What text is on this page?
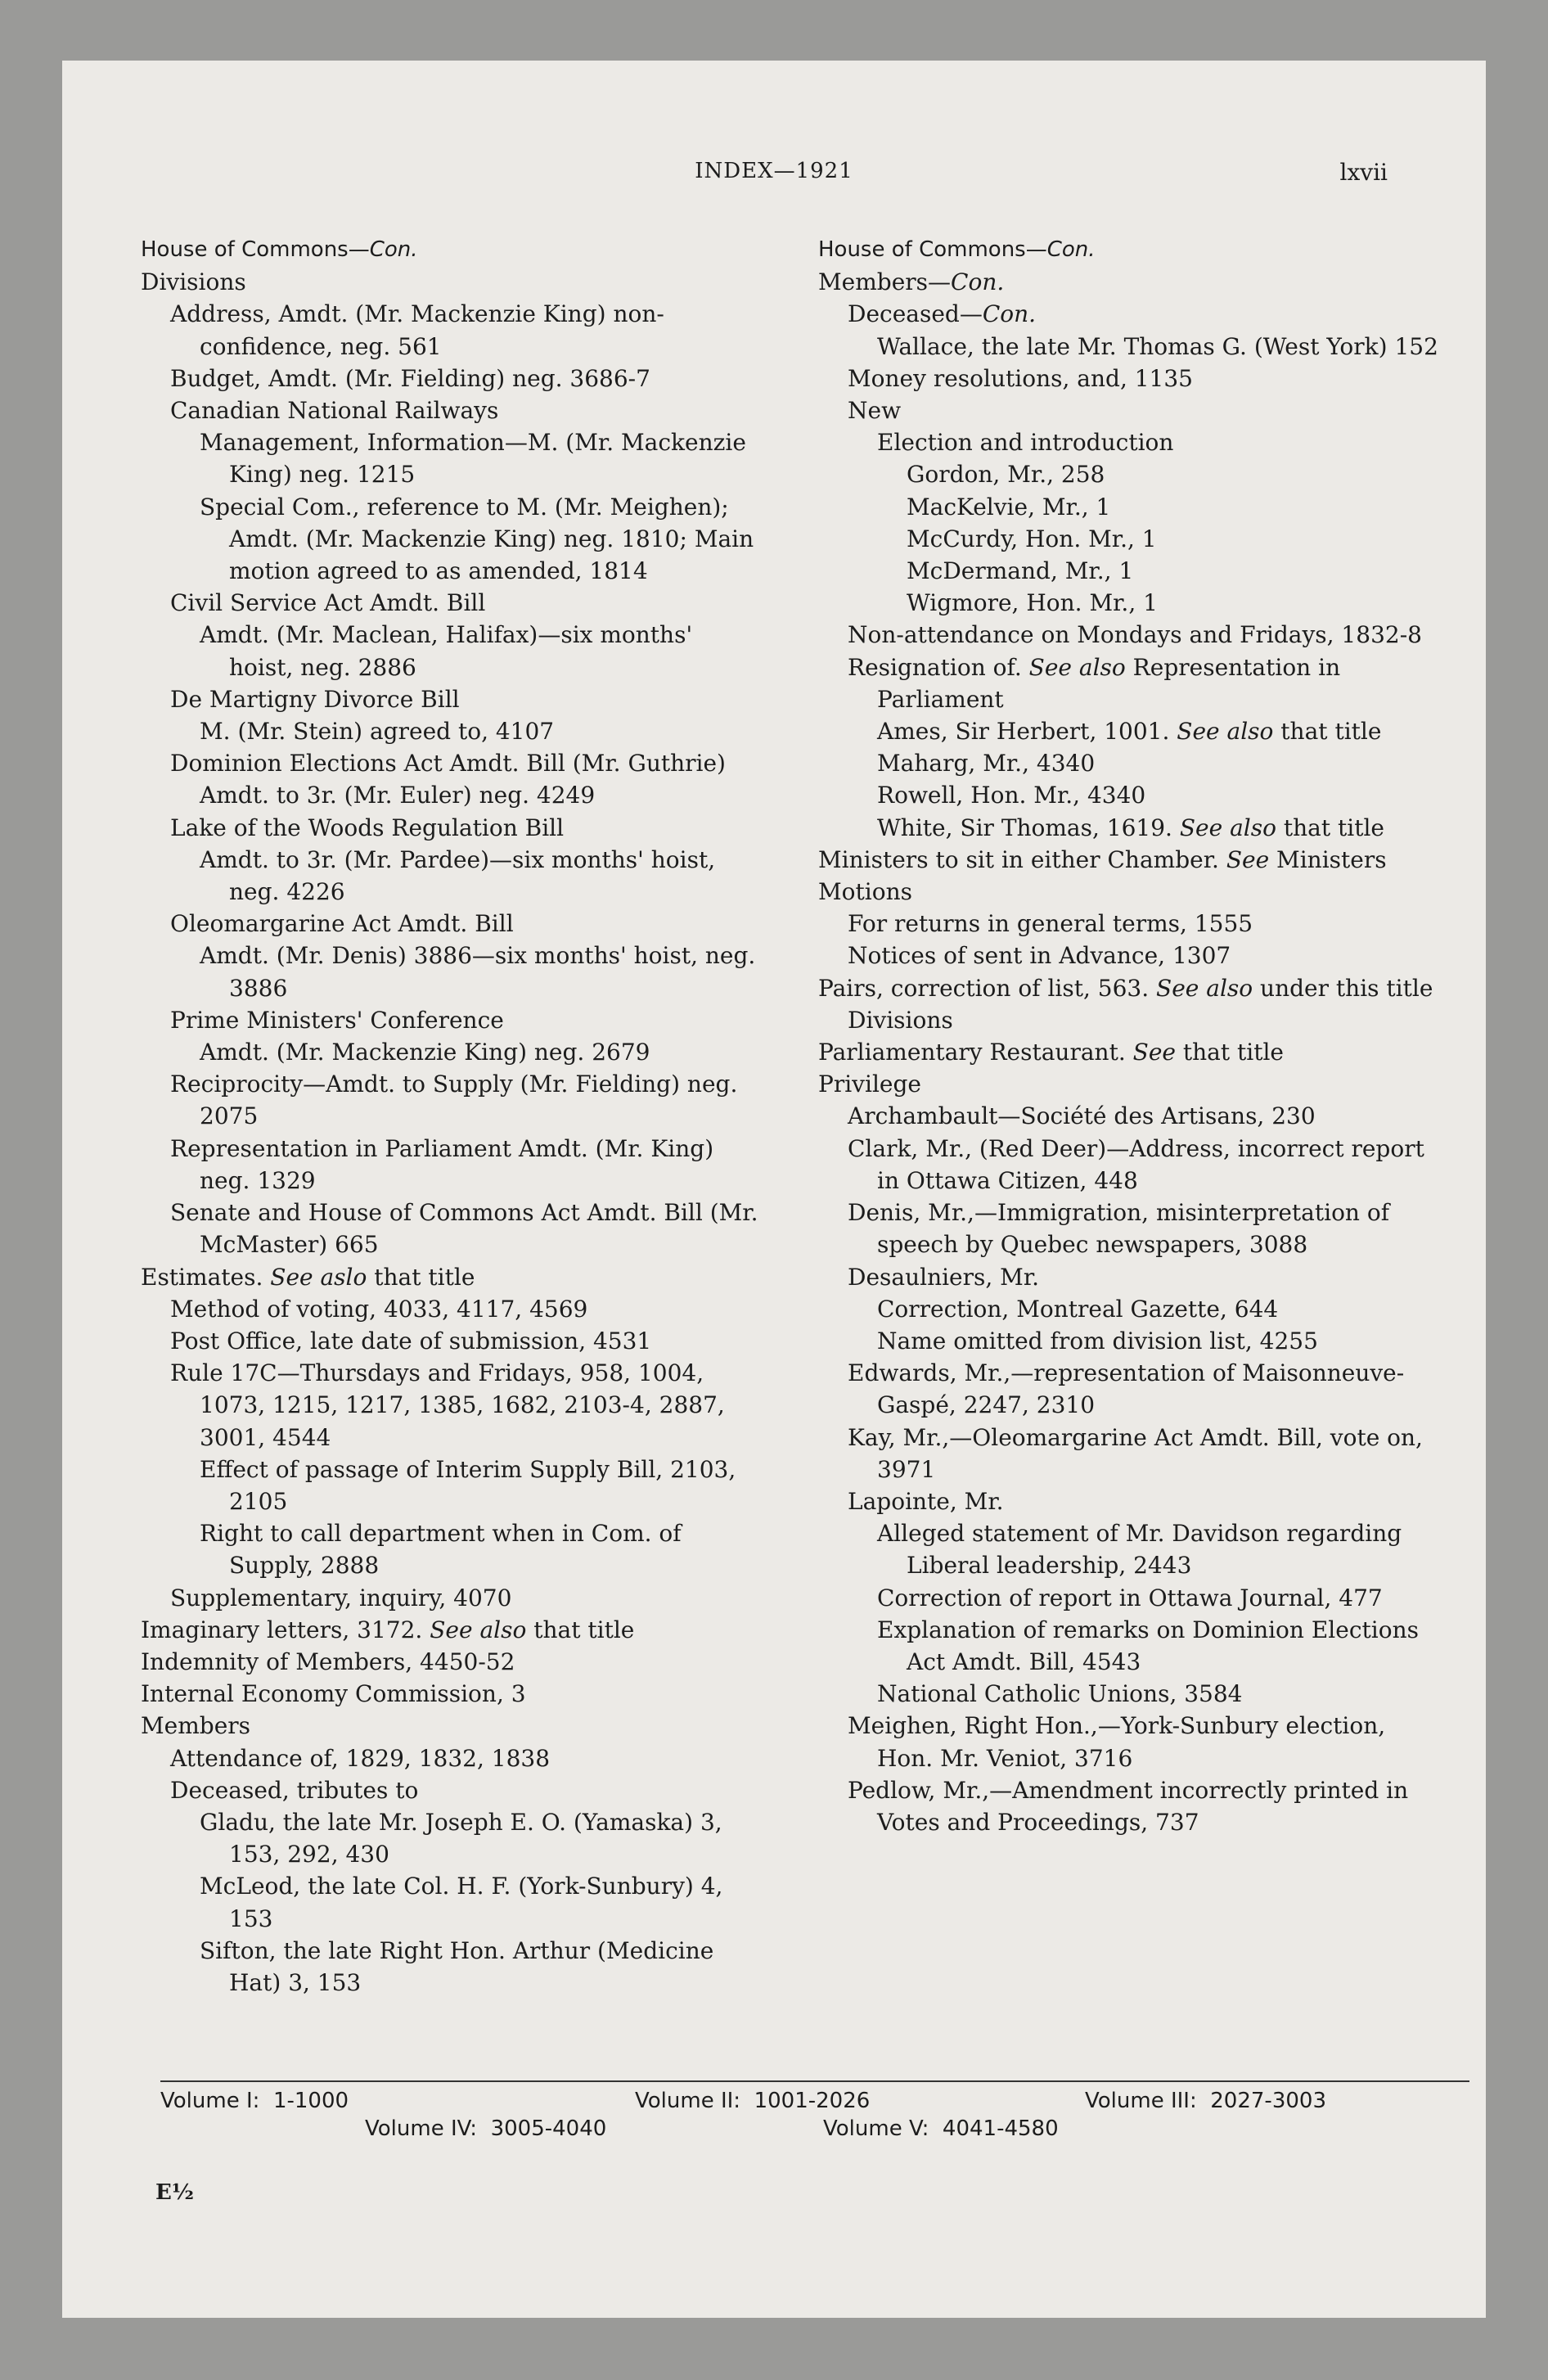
INDEX—1921	lxvii
House of Commons—Con.
Divisions
Address, Amdt. (Mr. Mackenzie King) non-confidence, neg. 561
Budget, Amdt. (Mr. Fielding) neg. 3686-7
Canadian National Railways
Management, Information—M. (Mr. Mackenzie King) neg. 1215
Special Com., reference to M. (Mr. Meighen); Amdt. (Mr. Mackenzie King) neg. 1810; Main motion agreed to as amended, 1814
Civil Service Act Amdt. Bill
Amdt. (Mr. Maclean, Halifax)—six months' hoist, neg. 2886
De Martigny Divorce Bill
M. (Mr. Stein) agreed to, 4107
Dominion Elections Act Amdt. Bill (Mr. Guthrie)
Amdt. to 3r. (Mr. Euler) neg. 4249
Lake of the Woods Regulation Bill
Amdt. to 3r. (Mr. Pardee)—six months' hoist, neg. 4226
Oleomargarine Act Amdt. Bill
Amdt. (Mr. Denis) 3886—six months' hoist, neg. 3886
Prime Ministers' Conference
Amdt. (Mr. Mackenzie King) neg. 2679
Reciprocity—Amdt. to Supply (Mr. Fielding) neg. 2075
Representation in Parliament Amdt. (Mr. King) neg. 1329
Senate and House of Commons Act Amdt. Bill (Mr. McMaster) 665
Estimates. See aslo that title
Method of voting, 4033, 4117, 4569
Post Office, late date of submission, 4531
Rule 17C—Thursdays and Fridays, 958, 1004, 1073, 1215, 1217, 1385, 1682, 2103-4, 2887, 3001, 4544
Effect of passage of Interim Supply Bill, 2103, 2105
Right to call department when in Com. of Supply, 2888
Supplementary, inquiry, 4070
Imaginary letters, 3172. See also that title
Indemnity of Members, 4450-52
Internal Economy Commission, 3
Members
Attendance of, 1829, 1832, 1838
Deceased, tributes to
Gladu, the late Mr. Joseph E. O. (Yamaska) 3, 153, 292, 430
McLeod, the late Col. H. F. (York-Sunbury) 4, 153
Sifton, the late Right Hon. Arthur (Medicine Hat) 3, 153
House of Commons—Con.
Members—Con.
Deceased—Con.
Wallace, the late Mr. Thomas G. (West York) 152
Money resolutions, and, 1135
New
Election and introduction
Gordon, Mr., 258
MacKelvie, Mr., 1
McCurdy, Hon. Mr., 1
McDermand, Mr., 1
Wigmore, Hon. Mr., 1
Non-attendance on Mondays and Fridays, 1832-8
Resignation of. See also Representation in Parliament
Ames, Sir Herbert, 1001. See also that title
Maharg, Mr., 4340
Rowell, Hon. Mr., 4340
White, Sir Thomas, 1619. See also that title
Ministers to sit in either Chamber. See Ministers
Motions
For returns in general terms, 1555
Notices of sent in Advance, 1307
Pairs, correction of list, 563. See also under this title Divisions
Parliamentary Restaurant. See that title
Privilege
Archambault—Société des Artisans, 230
Clark, Mr., (Red Deer)—Address, incorrect report in Ottawa Citizen, 448
Denis, Mr.,—Immigration, misinterpretation of speech by Quebec newspapers, 3088
Desaulniers, Mr.
Correction, Montreal Gazette, 644
Name omitted from division list, 4255
Edwards, Mr.,—representation of Maisonneuve-Gaspé, 2247, 2310
Kay, Mr.,—Oleomargarine Act Amdt. Bill, vote on, 3971
Lapointe, Mr.
Alleged statement of Mr. Davidson regarding Liberal leadership, 2443
Correction of report in Ottawa Journal, 477
Explanation of remarks on Dominion Elections Act Amdt. Bill, 4543
National Catholic Unions, 3584
Meighen, Right Hon.,—York-Sunbury election, Hon. Mr. Veniot, 3716
Pedlow, Mr.,—Amendment incorrectly printed in Votes and Proceedings, 737
Volume I: 1-1000	Volume II: 1001-2026	Volume III: 2027-3003
Volume IV: 3005-4040	Volume V: 4041-4580
E½
